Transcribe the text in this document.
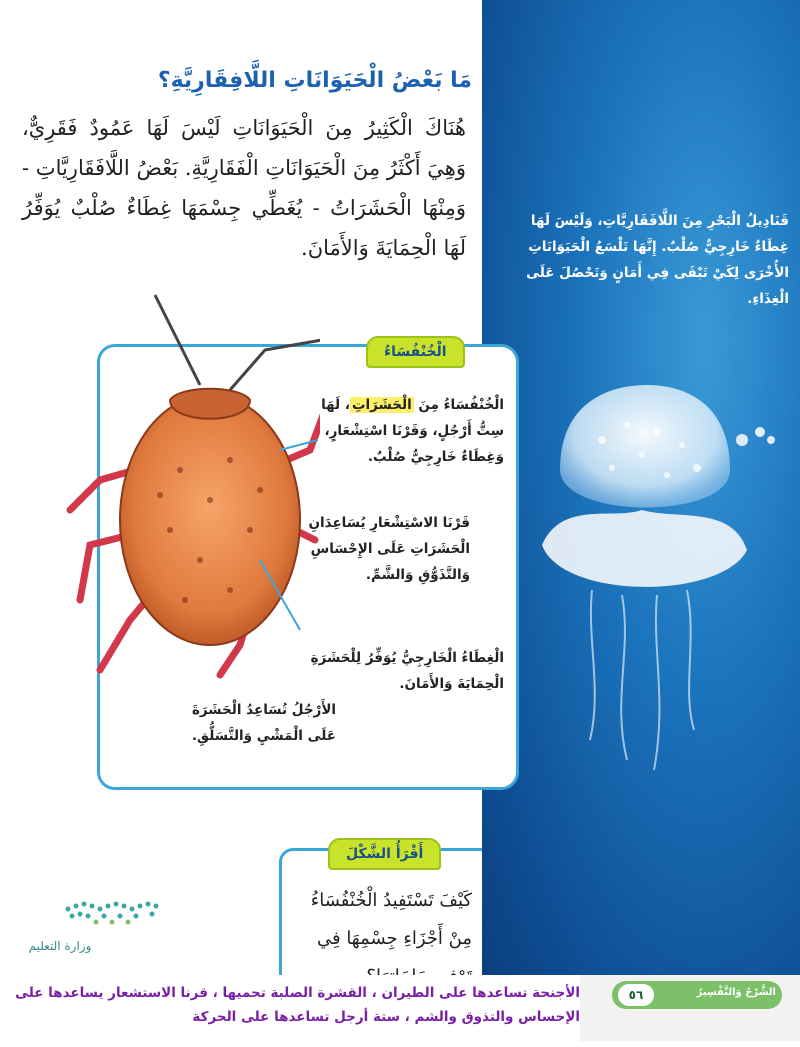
قَنَادِيلُ الْبَحْرِ مِنَ اللَّافَقَارِيَّاتِ، وَلَيْسَ لَهَا غِطَاءٌ خَارِجِيٌّ صُلْبٌ. إِنَّهَا تَلْسَعُ الْحَيَوَانَاتِ الأُخْرَى لِكَيْ تَبْقَى فِي أَمَانٍ وَتَحْصُلَ عَلَى الْغِذَاءِ.
مَا بَعْضُ الْحَيَوَانَاتِ اللَّافِقَارِيَّةِ؟
هُنَاكَ الْكَثِيرُ مِنَ الْحَيَوَانَاتِ لَيْسَ لَهَا عَمُودٌ فَقَرِيٌّ، وَهِيَ أَكْثَرُ مِنَ الْحَيَوَانَاتِ الْفَقَارِيَّةِ. بَعْضُ اللَّافَقَارِيَّاتِ - وَمِنْهَا الْحَشَرَاتُ - يُغَطِّي جِسْمَهَا غِطَاءٌ صُلْبٌ يُوَفِّرُ لَهَا الْحِمَايَةَ وَالأَمَانَ.
الْخُنْفُسَاءُ
الْخُنْفُسَاءُ مِنَ الْحَشَرَاتِ، لَهَا سِتُّ أَرْجُلٍ، وَقَرْنَا اسْتِشْعَارٍ، وَغِطَاءٌ خَارِجِيٌّ صُلْبٌ.
قَرْنَا الاسْتِشْعَارِ يُسَاعِدَانِ الْحَشَرَاتِ عَلَى الإِحْسَاسِ وَالتَّذَوُّقِ وَالشَّمِّ.
الْغِطَاءُ الْخَارِجِيُّ يُوَفِّرُ لِلْحَشَرَةِ الْحِمَايَةَ وَالأَمَانَ.
الأَرْجُلُ تُسَاعِدُ الْحَشَرَةَ عَلَى الْمَشْيِ وَالتَّسَلُّقِ.
أَقْرَأُ الشَّكْلَ
كَيْفَ تَسْتَفِيدُ الْخُنْفُسَاءُ مِنْ أَجْزَاءِ جِسْمِهَا فِي
وزارة التعليم
الأجنحة تساعدها على الطيران ، القشرة الصلبة تحميها ، قرنا الاستشعار يساعدها على الإحساس والتذوق والشم ، ستة أرجل تساعدها على الحركة
الشَّرْحُ وَالتَّفْسِيرُ
٥٦
